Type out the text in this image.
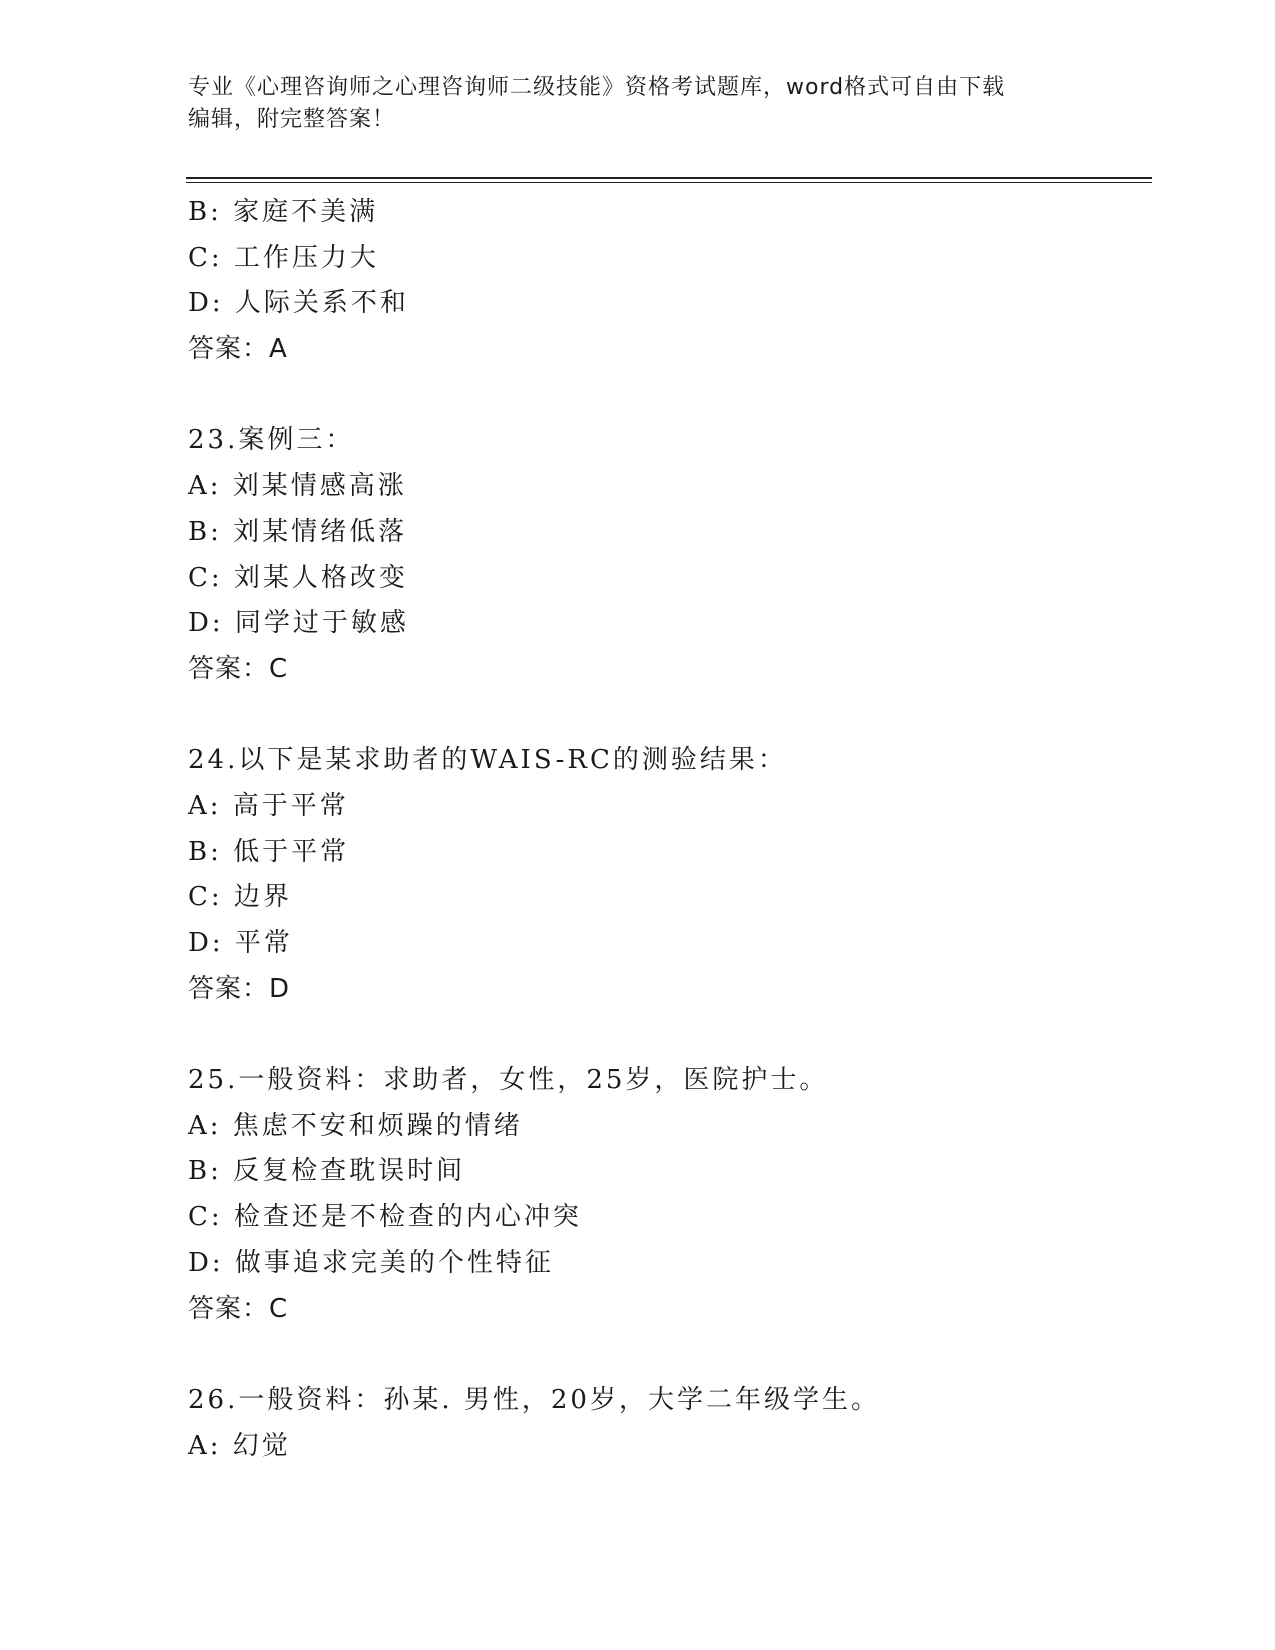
专业《心理咨询师之心理咨询师二级技能》资格考试题库，word格式可自由下载
编辑，附完整答案！
B: 家庭不美满
C: 工作压力大
D: 人际关系不和
答案：A
23.案例三：
A: 刘某情感高涨
B: 刘某情绪低落
C: 刘某人格改变
D: 同学过于敏感
答案：C
24.以下是某求助者的WAIS-RC的测验结果：
A: 高于平常
B: 低于平常
C: 边界
D: 平常
答案：D
25.一般资料：求助者，女性，25岁，医院护士。
A: 焦虑不安和烦躁的情绪
B: 反复检查耽误时间
C: 检查还是不检查的内心冲突
D: 做事追求完美的个性特征
答案：C
26.一般资料：孙某. 男性，20岁，大学二年级学生。
A: 幻觉
